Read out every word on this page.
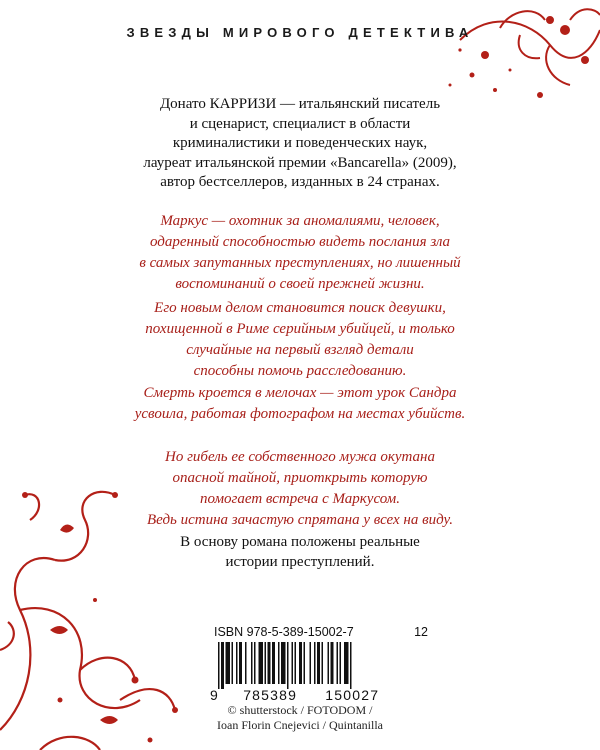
ЗВЕЗДЫ МИРОВОГО ДЕТЕКТИВА
Донато КАРРИЗИ — итальянский писатель
и сценарист, специалист в области
криминалистики и поведенческих наук,
лауреат итальянской премии «Bancarella» (2009),
автор бестселлеров, изданных в 24 странах.
Маркус — охотник за аномалиями, человек,
одаренный способностью видеть послания зла
в самых запутанных преступлениях, но лишенный
воспоминаний о своей прежней жизни.
Его новым делом становится поиск девушки,
похищенной в Риме серийным убийцей, и только
случайные на первый взгляд детали
способны помочь расследованию.
Смерть кроется в мелочах — этот урок Сандра
усвоила, работая фотографом на местах убийств.
Но гибель ее собственного мужа окутана
опасной тайной, приоткрыть которую
помогает встреча с Маркусом.
Ведь истина зачастую спрятана у всех на виду.
В основу романа положены реальные
истории преступлений.
ISBN 978-5-389-15002-7	12
9 785389 150027
© shutterstock / FOTODOM /
Ioan Florin Cnejevici / Quintanilla
